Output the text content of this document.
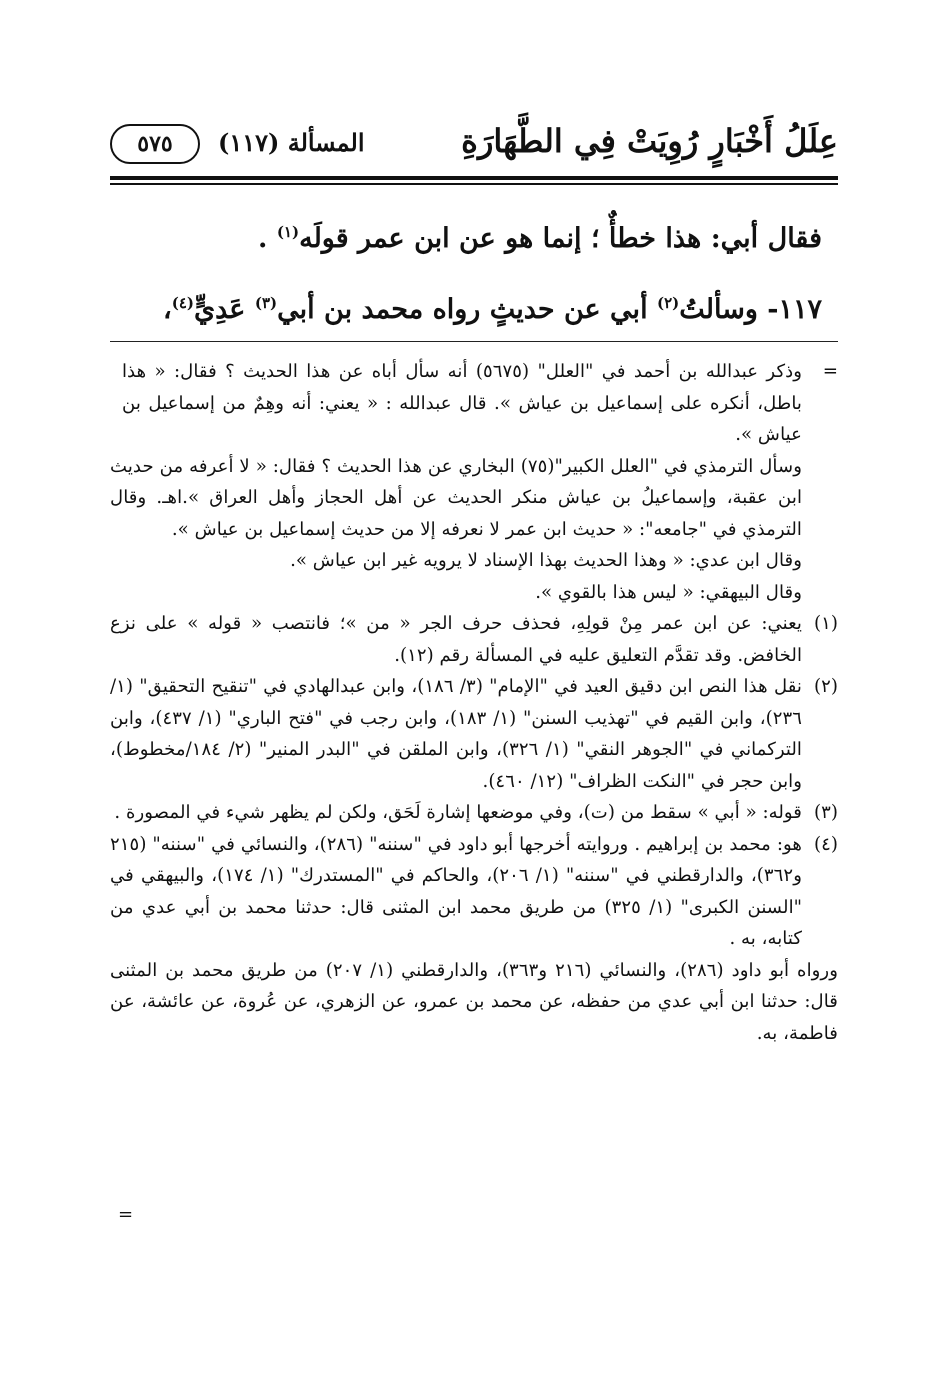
عِلَلُ أَخْبَارٍ رُوِيَتْ فِي الطَّهَارَةِ
المسألة (١١٧)
٥٧٥
فقال أبي: هذا خطأٌ ؛ إنما هو عن ابن عمر قولَه$^{(١)}$ .
١١٧- وسألتُ$^{(٢)}$ أبي عن حديثٍ رواه محمد بن أبي$^{(٣)}$ عَدِيٍّ$^{(٤)}$،

=
وذكر عبدالله بن أحمد في "العلل" (٥٦٧٥) أنه سأل أباه عن هذا الحديث ؟ فقال: « هذا باطل، أنكره على إسماعيل بن عياش ». قال عبدالله : « يعني: أنه وهِمٌ من إسماعيل بن عياش ».

وسأل الترمذي في "العلل الكبير"(٧٥) البخاري عن هذا الحديث ؟ فقال: « لا أعرفه من حديث ابن عقبة، وإسماعيلُ بن عياش منكر الحديث عن أهل الحجاز وأهل العراق ».اهـ. وقال الترمذي في "جامعه": « حديث ابن عمر لا نعرفه إلا من حديث إسماعيل بن عياش ».

وقال ابن عدي: « وهذا الحديث بهذا الإسناد لا يرويه غير ابن عياش ».

وقال البيهقي: « ليس هذا بالقوي ».

(١)
يعني: عن ابن عمر مِنْ قولِهِ، فحذف حرف الجر « من »؛ فانتصب « قوله » على نزع الخافض. وقد تقدَّم التعليق عليه في المسألة رقم (١٢).

(٢)
نقل هذا النص ابن دقيق العيد في "الإمام" (٣/ ١٨٦)، وابن عبدالهادي في "تنقيح التحقيق" (١/ ٢٣٦)، وابن القيم في "تهذيب السنن" (١/ ١٨٣)، وابن رجب في "فتح الباري" (١/ ٤٣٧)، وابن التركماني في "الجوهر النقي" (١/ ٣٢٦)، وابن الملقن في "البدر المنير" (٢/ ١٨٤/مخطوط)، وابن حجر في "النكت الظراف" (١٢/ ٤٦٠).

(٣)
قوله: « أبي » سقط من (ت)، وفي موضعها إشارة لَحَق، ولكن لم يظهر شيء في المصورة .

(٤)
هو: محمد بن إبراهيم . وروايته أخرجها أبو داود في "سننه" (٢٨٦)، والنسائي في "سننه" (٢١٥ و٣٦٢)، والدارقطني في "سننه" (١/ ٢٠٦)، والحاكم في "المستدرك" (١/ ١٧٤)، والبيهقي في "السنن الكبرى" (١/ ٣٢٥) من طريق محمد ابن المثنى قال: حدثنا محمد بن أبي عدي من كتابه، به .

ورواه أبو داود (٢٨٦)، والنسائي (٢١٦ و٣٦٣)، والدارقطني (١/ ٢٠٧) من طريق محمد بن المثنى قال: حدثنا ابن أبي عدي من حفظه، عن محمد بن عمرو، عن الزهري، عن عُروة، عن عائشة، عن فاطمة، به.

=
